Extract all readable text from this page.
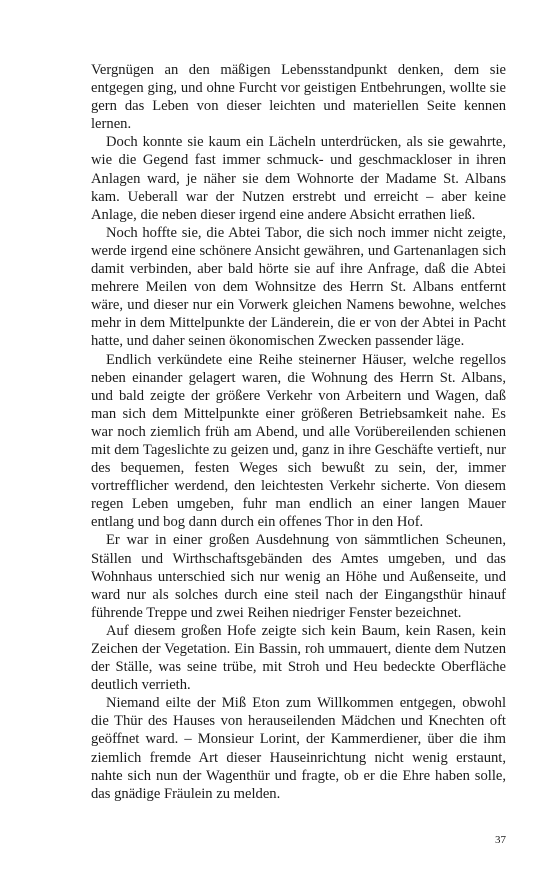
Vergnügen an den mäßigen Lebensstandpunkt denken, dem sie entgegen ging, und ohne Furcht vor geistigen Entbehrungen, wollte sie gern das Leben von dieser leichten und materiellen Seite kennen lernen.

Doch konnte sie kaum ein Lächeln unterdrücken, als sie gewahrte, wie die Gegend fast immer schmuck- und geschmackloser in ihren Anlagen ward, je näher sie dem Wohnorte der Madame St. Albans kam. Ueberall war der Nutzen erstrebt und erreicht – aber keine Anlage, die neben dieser irgend eine andere Absicht errathen ließ.

Noch hoffte sie, die Abtei Tabor, die sich noch immer nicht zeigte, werde irgend eine schönere Ansicht gewähren, und Gartenanlagen sich damit verbinden, aber bald hörte sie auf ihre Anfrage, daß die Abtei mehrere Meilen von dem Wohnsitze des Herrn St. Albans entfernt wäre, und dieser nur ein Vorwerk gleichen Namens bewohne, welches mehr in dem Mittelpunkte der Länderein, die er von der Abtei in Pacht hatte, und daher seinen ökonomischen Zwecken passender läge.

Endlich verkündete eine Reihe steinerner Häuser, welche regellos neben einander gelagert waren, die Wohnung des Herrn St. Albans, und bald zeigte der größere Verkehr von Arbeitern und Wagen, daß man sich dem Mittelpunkte einer größeren Betriebsamkeit nahe. Es war noch ziemlich früh am Abend, und alle Vorübereilenden schienen mit dem Tageslichte zu geizen und, ganz in ihre Geschäfte vertieft, nur des bequemen, festen Weges sich bewußt zu sein, der, immer vortrefflicher werdend, den leichtesten Verkehr sicherte. Von diesem regen Leben umgeben, fuhr man endlich an einer langen Mauer entlang und bog dann durch ein offenes Thor in den Hof.

Er war in einer großen Ausdehnung von sämmtlichen Scheunen, Ställen und Wirthschaftsgebänden des Amtes umgeben, und das Wohnhaus unterschied sich nur wenig an Höhe und Außenseite, und ward nur als solches durch eine steil nach der Eingangsthür hinauf führende Treppe und zwei Reihen niedriger Fenster bezeichnet.

Auf diesem großen Hofe zeigte sich kein Baum, kein Rasen, kein Zeichen der Vegetation. Ein Bassin, roh ummauert, diente dem Nutzen der Ställe, was seine trübe, mit Stroh und Heu bedeckte Oberfläche deutlich verrieth.

Niemand eilte der Miß Eton zum Willkommen entgegen, obwohl die Thür des Hauses von herauseilenden Mädchen und Knechten oft geöffnet ward. – Monsieur Lorint, der Kammerdiener, über die ihm ziemlich fremde Art dieser Hauseinrichtung nicht wenig erstaunt, nahte sich nun der Wagenthür und fragte, ob er die Ehre haben solle, das gnädige Fräulein zu melden.

37
